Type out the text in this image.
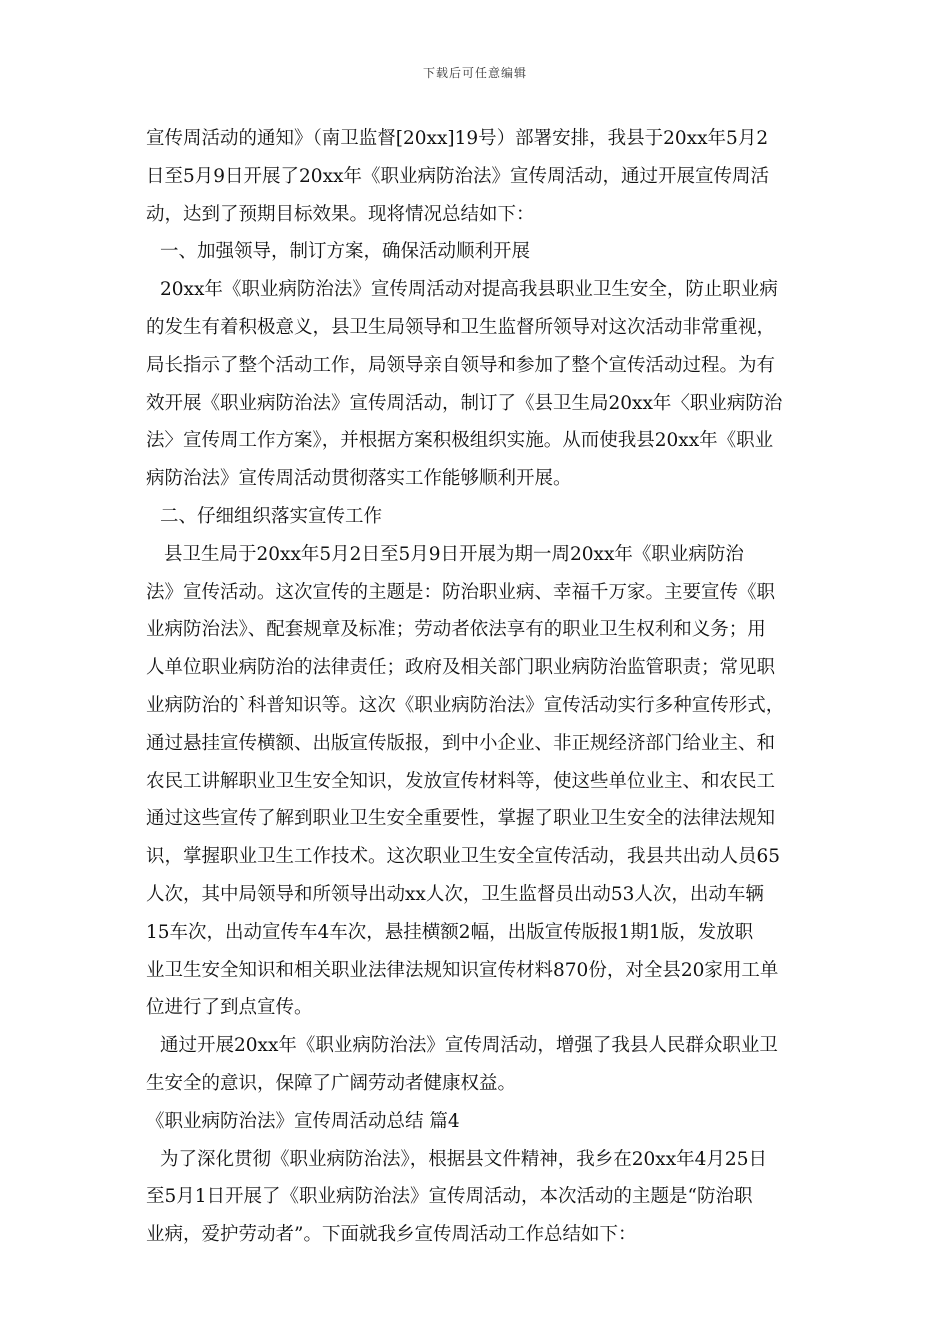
下载后可任意编辑
宣传周活动的通知》（南卫监督[20xx]19号）部署安排，我县于20xx年5月2
日至5月9日开展了20xx年《职业病防治法》宣传周活动，通过开展宣传周活
动，达到了预期目标效果。现将情况总结如下：
一、加强领导，制订方案，确保活动顺利开展
20xx年《职业病防治法》宣传周活动对提高我县职业卫生安全，防止职业病
的发生有着积极意义，县卫生局领导和卫生监督所领导对这次活动非常重视，
局长指示了整个活动工作，局领导亲自领导和参加了整个宣传活动过程。为有
效开展《职业病防治法》宣传周活动，制订了《县卫生局20xx年〈职业病防治
法〉宣传周工作方案》，并根据方案积极组织实施。从而使我县20xx年《职业
病防治法》宣传周活动贯彻落实工作能够顺利开展。
二、仔细组织落实宣传工作
县卫生局于20xx年5月2日至5月9日开展为期一周20xx年《职业病防治
法》宣传活动。这次宣传的主题是：防治职业病、幸福千万家。主要宣传《职
业病防治法》、配套规章及标准；劳动者依法享有的职业卫生权利和义务；用
人单位职业病防治的法律责任；政府及相关部门职业病防治监管职责；常见职
业病防治的`科普知识等。这次《职业病防治法》宣传活动实行多种宣传形式，
通过悬挂宣传横额、出版宣传版报，到中小企业、非正规经济部门给业主、和
农民工讲解职业卫生安全知识，发放宣传材料等，使这些单位业主、和农民工
通过这些宣传了解到职业卫生安全重要性，掌握了职业卫生安全的法律法规知
识，掌握职业卫生工作技术。这次职业卫生安全宣传活动，我县共出动人员65
人次，其中局领导和所领导出动xx人次，卫生监督员出动53人次，出动车辆
15车次，出动宣传车4车次，悬挂横额2幅，出版宣传版报1期1版，发放职
业卫生安全知识和相关职业法律法规知识宣传材料870份，对全县20家用工单
位进行了到点宣传。
通过开展20xx年《职业病防治法》宣传周活动，增强了我县人民群众职业卫
生安全的意识，保障了广阔劳动者健康权益。
《职业病防治法》宣传周活动总结 篇4
为了深化贯彻《职业病防治法》，根据县文件精神，我乡在20xx年4月25日
至5月1日开展了《职业病防治法》宣传周活动，本次活动的主题是“防治职
业病，爱护劳动者”。下面就我乡宣传周活动工作总结如下：
